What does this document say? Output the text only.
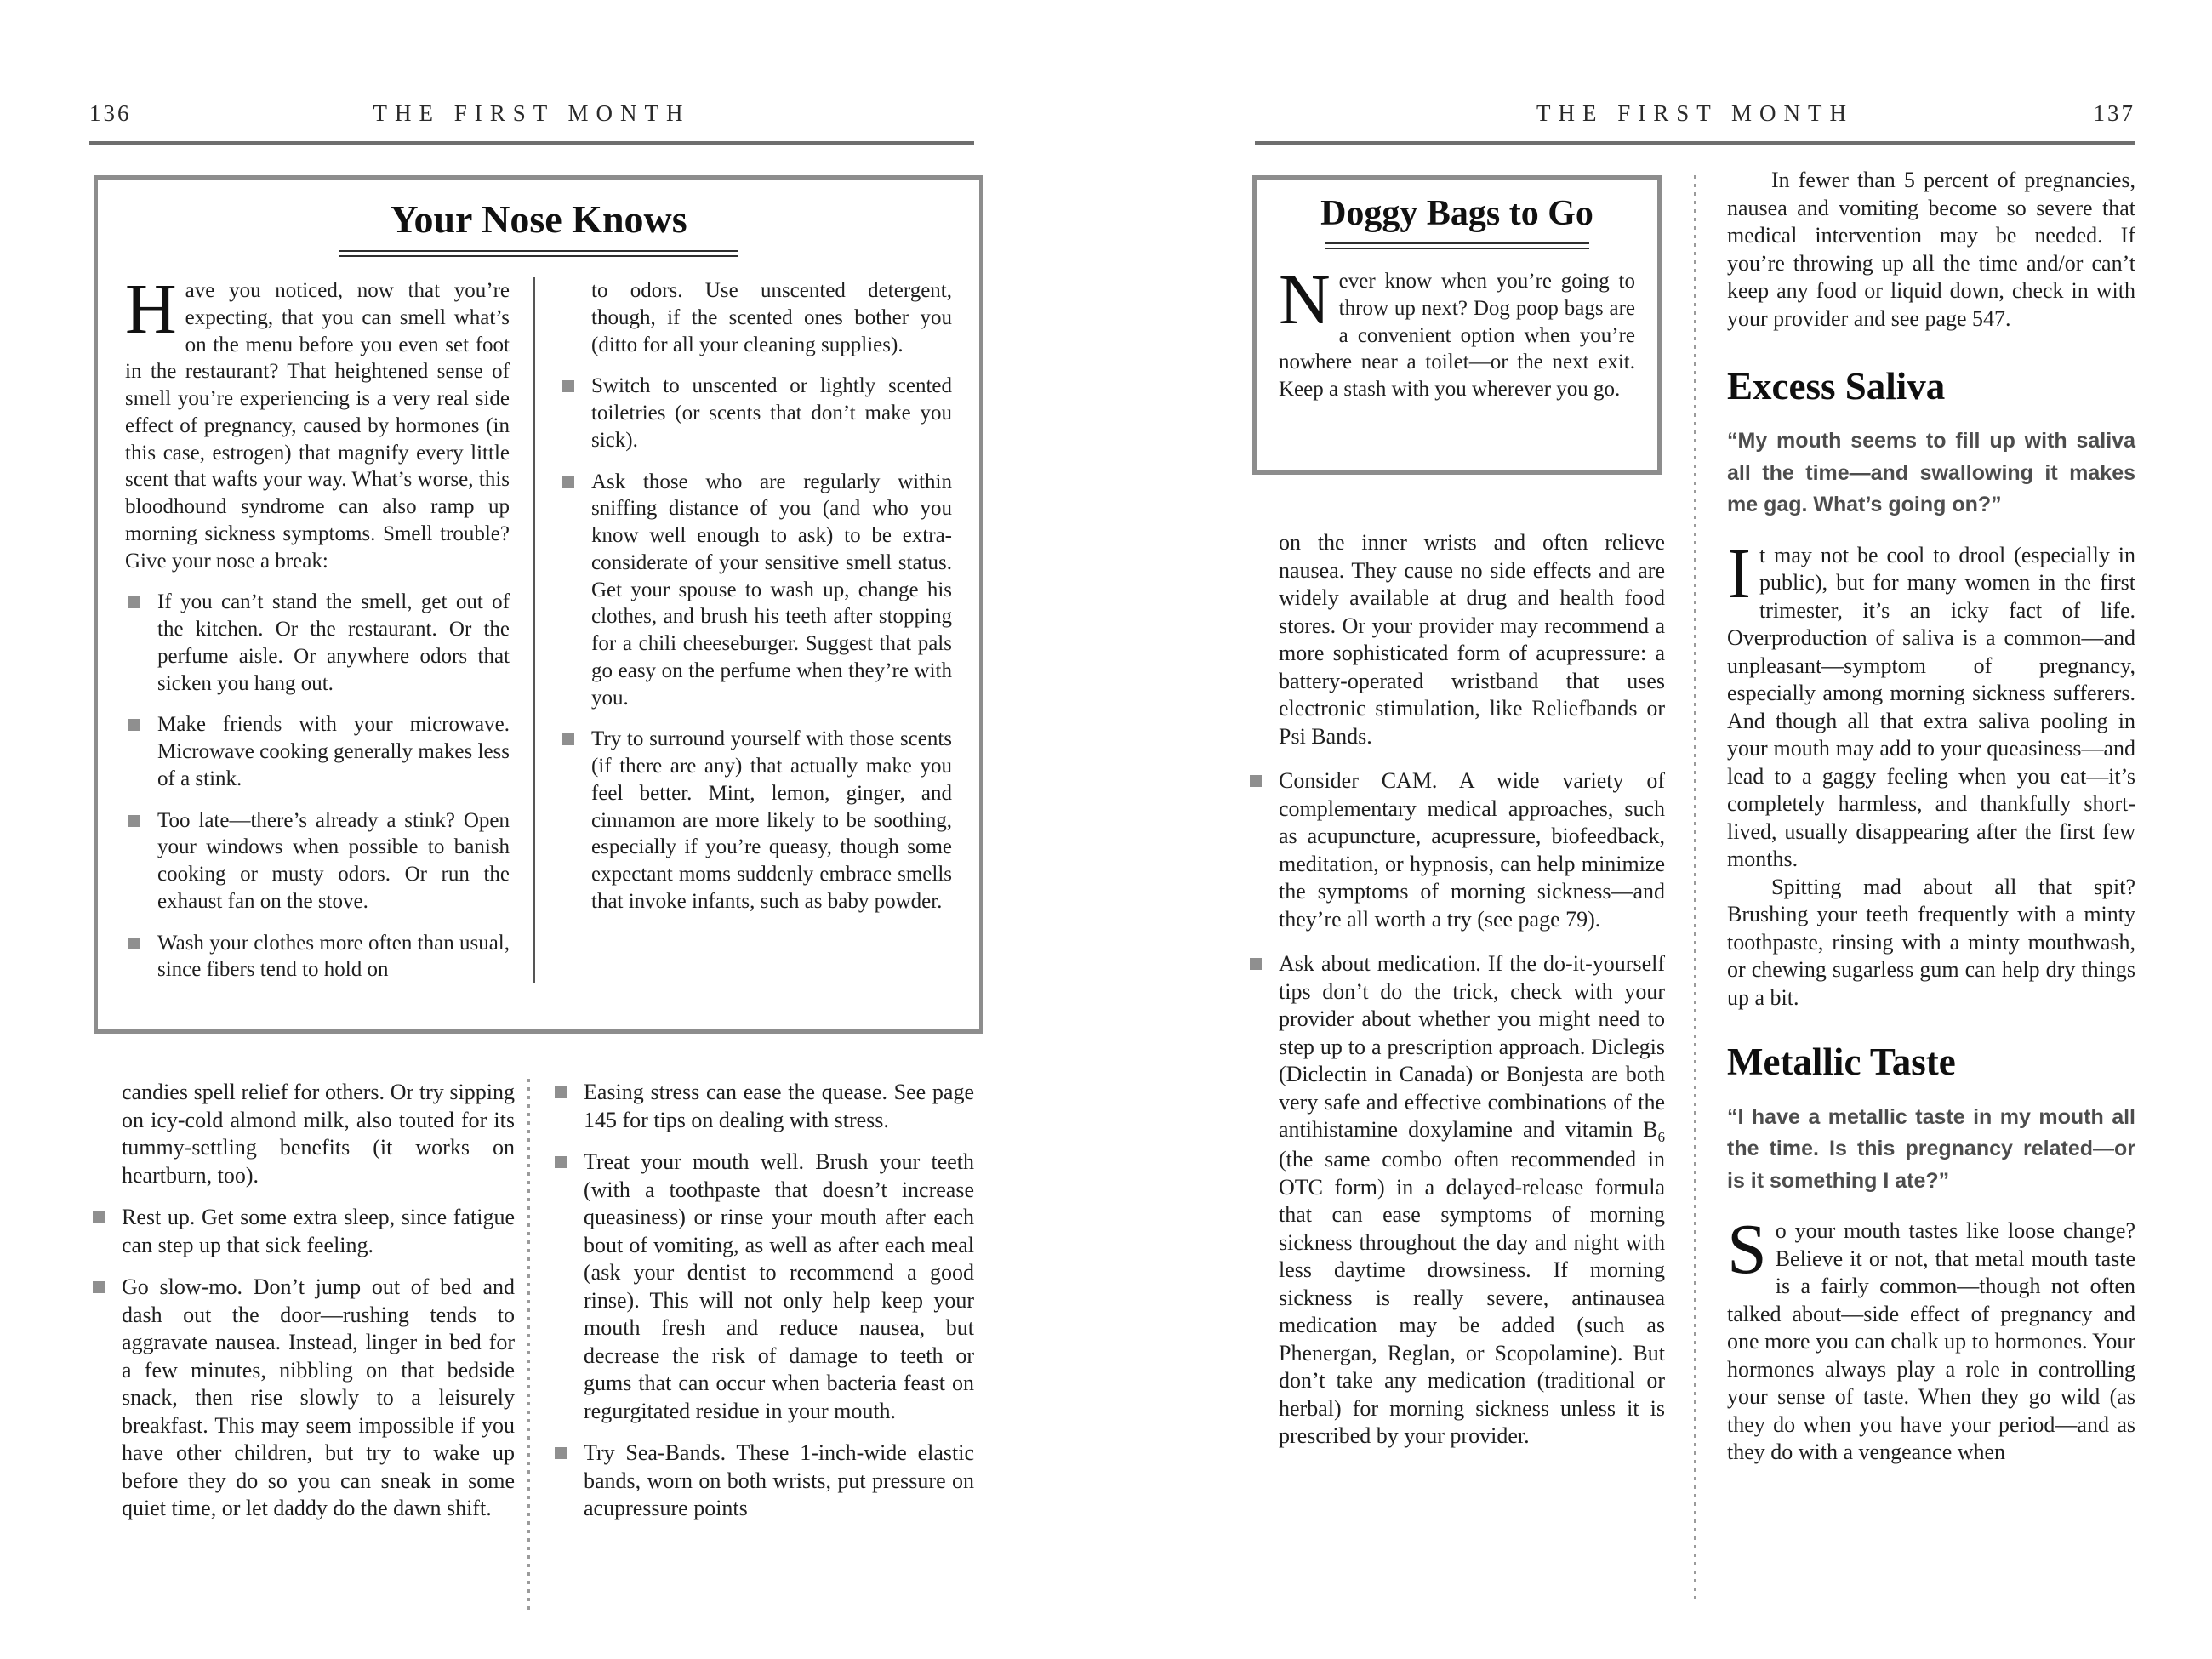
136	THE FIRST MONTH
Your Nose Knows

Have you noticed, now that you’re expecting, that you can smell what’s on the menu before you even set foot in the restaurant? That heightened sense of smell you’re experiencing is a very real side effect of pregnancy, caused by hormones (in this case, estrogen) that magnify every little scent that wafts your way. What’s worse, this bloodhound syndrome can also ramp up morning sickness symptoms. Smell trouble? Give your nose a break:

If you can’t stand the smell, get out of the kitchen. Or the restaurant. Or the perfume aisle. Or anywhere odors that sicken you hang out.
Make friends with your microwave. Microwave cooking generally makes less of a stink.
Too late—there’s already a stink? Open your windows when possible to banish cooking or musty odors. Or run the exhaust fan on the stove.
Wash your clothes more often than usual, since fibers tend to hold on

to odors. Use unscented detergent, though, if the scented ones bother you (ditto for all your cleaning supplies).

Switch to unscented or lightly scented toiletries (or scents that don’t make you sick).
Ask those who are regularly within sniffing distance of you (and who you know well enough to ask) to be extra-considerate of your sensitive smell status. Get your spouse to wash up, change his clothes, and brush his teeth after stopping for a chili cheeseburger. Suggest that pals go easy on the perfume when they’re with you.
Try to surround yourself with those scents (if there are any) that actually make you feel better. Mint, lemon, ginger, and cinnamon are more likely to be soothing, especially if you’re queasy, though some expectant moms suddenly embrace smells that invoke infants, such as baby powder.

candies spell relief for others. Or try sipping on icy-cold almond milk, also touted for its tummy-settling benefits (it works on heartburn, too).

Rest up. Get some extra sleep, since fatigue can step up that sick feeling.
Go slow-mo. Don’t jump out of bed and dash out the door—rushing tends to aggravate nausea. Instead, linger in bed for a few minutes, nibbling on that bedside snack, then rise slowly to a leisurely breakfast. This may seem impossible if you have other children, but try to wake up before they do so you can sneak in some quiet time, or let daddy do the dawn shift.
Easing stress can ease the quease. See page 145 for tips on dealing with stress.
Treat your mouth well. Brush your teeth (with a toothpaste that doesn’t increase queasiness) or rinse your mouth after each bout of vomiting, as well as after each meal (ask your dentist to recommend a good rinse). This will not only help keep your mouth fresh and reduce nausea, but decrease the risk of damage to teeth or gums that can occur when bacteria feast on regurgitated residue in your mouth.
Try Sea-Bands. These 1-inch-wide elastic bands, worn on both wrists, put pressure on acupressure points
THE FIRST MONTH	137
Doggy Bags to Go

Never know when you’re going to throw up next? Dog poop bags are a convenient option when you’re nowhere near a toilet—or the next exit. Keep a stash with you wherever you go.

on the inner wrists and often relieve nausea. They cause no side effects and are widely available at drug and health food stores. Or your provider may recommend a more sophisticated form of acupressure: a battery-operated wristband that uses electronic stimulation, like Reliefbands or Psi Bands.

Consider CAM. A wide variety of complementary medical approaches, such as acupuncture, acupressure, biofeedback, meditation, or hypnosis, can help minimize the symptoms of morning sickness—and they’re all worth a try (see page 79).
Ask about medication. If the do-it-yourself tips don’t do the trick, check with your provider about whether you might need to step up to a prescription approach. Diclegis (Diclectin in Canada) or Bonjesta are both very safe and effective combinations of the antihistamine doxylamine and vitamin $B_6$ (the same combo often recommended in OTC form) in a delayed-release formula that can ease symptoms of morning sickness throughout the day and night with less daytime drowsiness. If morning sickness is really severe, antinausea medication may be added (such as Phenergan, Reglan, or Scopolamine). But don’t take any medication (traditional or herbal) for morning sickness unless it is prescribed by your provider.

In fewer than 5 percent of pregnancies, nausea and vomiting become so severe that medical intervention may be needed. If you’re throwing up all the time and/or can’t keep any food or liquid down, check in with your provider and see page 547.

Excess Saliva

“My mouth seems to fill up with saliva all the time—and swallowing it makes me gag. What’s going on?”

It may not be cool to drool (especially in public), but for many women in the first trimester, it’s an icky fact of life. Overproduction of saliva is a common—and unpleasant—symptom of pregnancy, especially among morning sickness sufferers. And though all that extra saliva pooling in your mouth may add to your queasiness—and lead to a gaggy feeling when you eat—it’s completely harmless, and thankfully short-lived, usually disappearing after the first few months.

Spitting mad about all that spit? Brushing your teeth frequently with a minty toothpaste, rinsing with a minty mouthwash, or chewing sugarless gum can help dry things up a bit.

Metallic Taste

“I have a metallic taste in my mouth all the time. Is this pregnancy related—or is it something I ate?”

So your mouth tastes like loose change? Believe it or not, that metal mouth taste is a fairly common—though not often talked about—side effect of pregnancy and one more you can chalk up to hormones. Your hormones always play a role in controlling your sense of taste. When they go wild (as they do when you have your period—and as they do with a vengeance when
